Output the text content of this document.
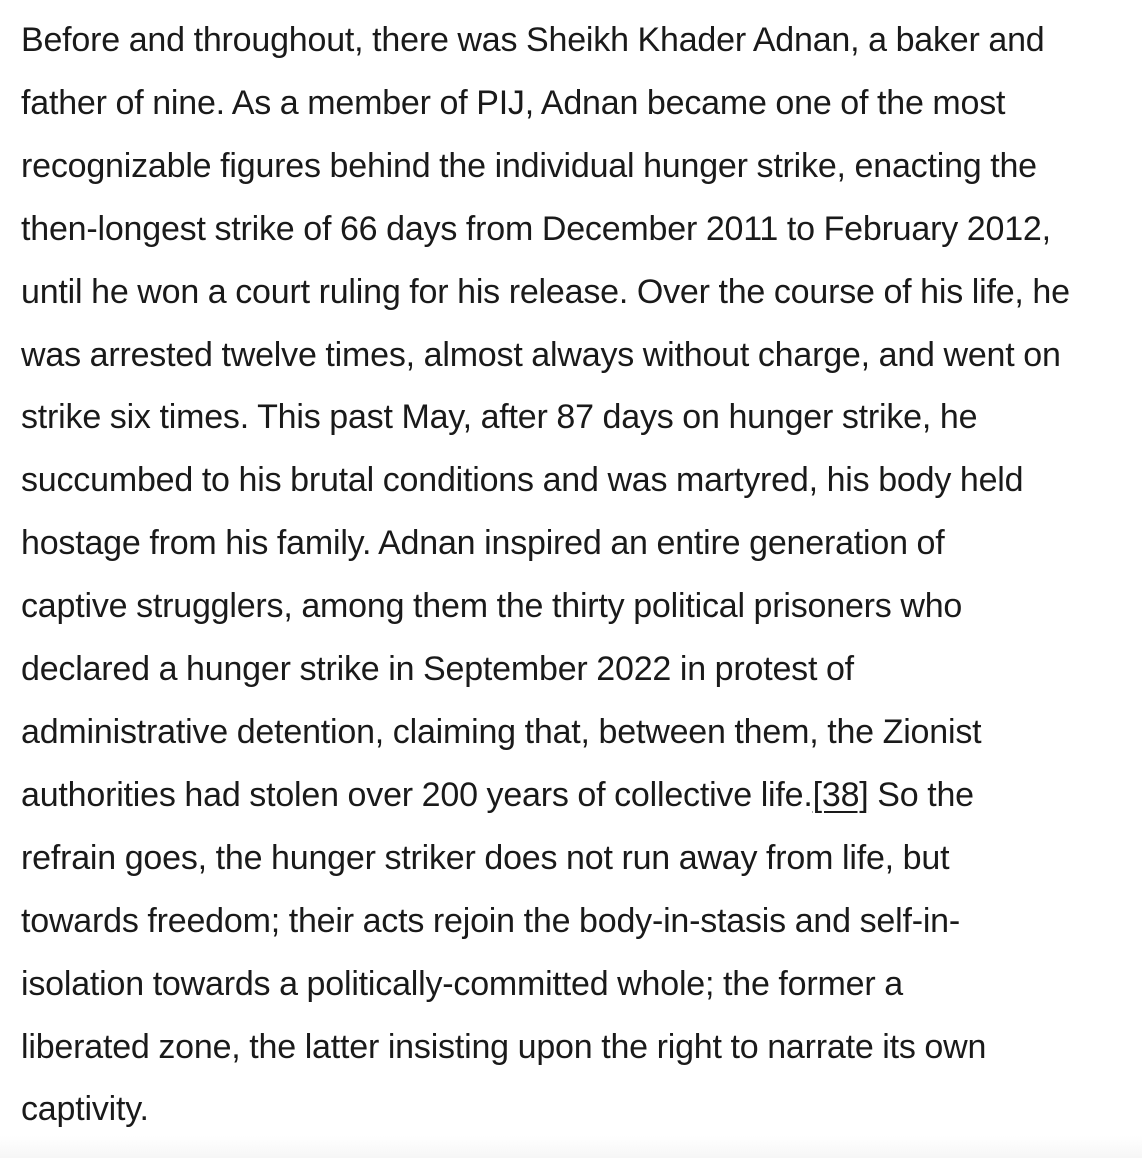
Before and throughout, there was Sheikh Khader Adnan, a baker and
father of nine. As a member of PIJ, Adnan became one of the most
recognizable figures behind the individual hunger strike, enacting the
then-longest strike of 66 days from December 2011 to February 2012,
until he won a court ruling for his release. Over the course of his life, he
was arrested twelve times, almost always without charge, and went on
strike six times. This past May, after 87 days on hunger strike, he
succumbed to his brutal conditions and was martyred, his body held
hostage from his family. Adnan inspired an entire generation of
captive strugglers, among them the thirty political prisoners who
declared a hunger strike in September 2022 in protest of
administrative detention, claiming that, between them, the Zionist
authorities had stolen over 200 years of collective life.[38] So the
refrain goes, the hunger striker does not run away from life, but
towards freedom; their acts rejoin the body-in-stasis and self-in-
isolation towards a politically-committed whole; the former a
liberated zone, the latter insisting upon the right to narrate its own
captivity.
